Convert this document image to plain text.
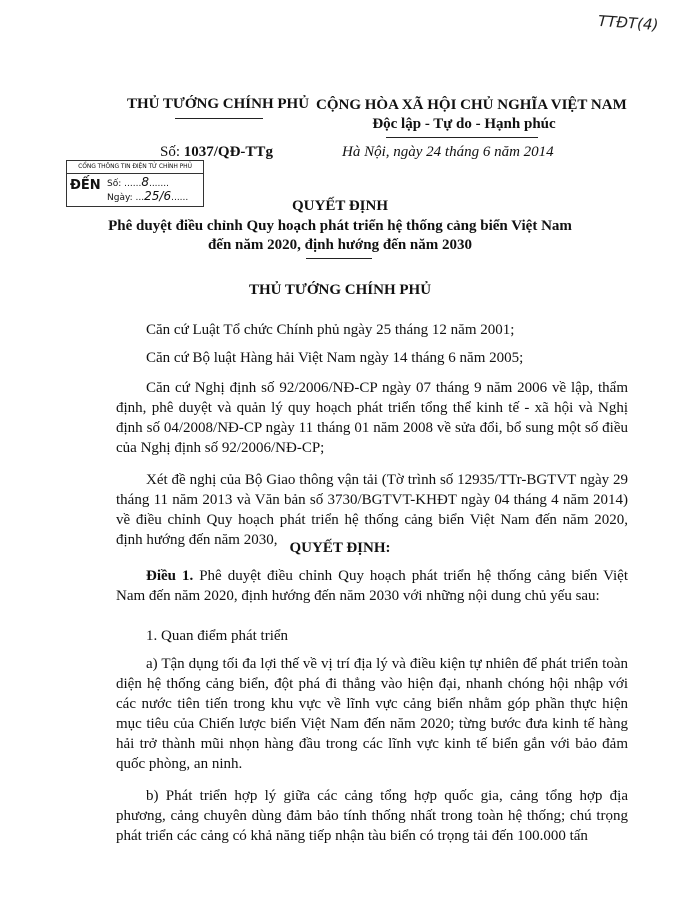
TTĐT(4)
THỦ TƯỚNG CHÍNH PHỦ CỘNG HÒA XÃ HỘI CHỦ NGHĨA VIỆT NAM
Độc lập - Tự do - Hạnh phúc
Số: 1037/QĐ-TTg	Hà Nội, ngày 24 tháng 6 năm 2014
CỔNG THÔNG TIN ĐIỆN TỬ CHÍNH PHỦ
ĐẾN Số: ......8.......
Ngày: ...25/6......	QUYẾT ĐỊNH
Phê duyệt điều chỉnh Quy hoạch phát triển hệ thống cảng biển Việt Nam
đến năm 2020, định hướng đến năm 2030
THỦ TƯỚNG CHÍNH PHỦ
Căn cứ Luật Tổ chức Chính phủ ngày 25 tháng 12 năm 2001;
Căn cứ Bộ luật Hàng hải Việt Nam ngày 14 tháng 6 năm 2005;
Căn cứ Nghị định số 92/2006/NĐ-CP ngày 07 tháng 9 năm 2006 về lập, thẩm định, phê duyệt và quản lý quy hoạch phát triển tổng thể kinh tế - xã hội và Nghị định số 04/2008/NĐ-CP ngày 11 tháng 01 năm 2008 về sửa đổi, bổ sung một số điều của Nghị định số 92/2006/NĐ-CP;
Xét đề nghị của Bộ Giao thông vận tải (Tờ trình số 12935/TTr-BGTVT ngày 29 tháng 11 năm 2013 và Văn bản số 3730/BGTVT-KHĐT ngày 04 tháng 4 năm 2014) về điều chỉnh Quy hoạch phát triển hệ thống cảng biển Việt Nam đến năm 2020, định hướng đến năm 2030, QUYẾT ĐỊNH:
Điều 1. Phê duyệt điều chỉnh Quy hoạch phát triển hệ thống cảng biển Việt Nam đến năm 2020, định hướng đến năm 2030 với những nội dung chủ yếu sau:
1. Quan điểm phát triển
a) Tận dụng tối đa lợi thế về vị trí địa lý và điều kiện tự nhiên để phát triển toàn diện hệ thống cảng biển, đột phá đi thẳng vào hiện đại, nhanh chóng hội nhập với các nước tiên tiến trong khu vực về lĩnh vực cảng biển nhằm góp phần thực hiện mục tiêu của Chiến lược biển Việt Nam đến năm 2020; từng bước đưa kinh tế hàng hải trở thành mũi nhọn hàng đầu trong các lĩnh vực kinh tế biển gắn với bảo đảm quốc phòng, an ninh.
b) Phát triển hợp lý giữa các cảng tổng hợp quốc gia, cảng tổng hợp địa phương, cảng chuyên dùng đảm bảo tính thống nhất trong toàn hệ thống; chú trọng phát triển các cảng có khả năng tiếp nhận tàu biển có trọng tải đến 100.000 tấn
